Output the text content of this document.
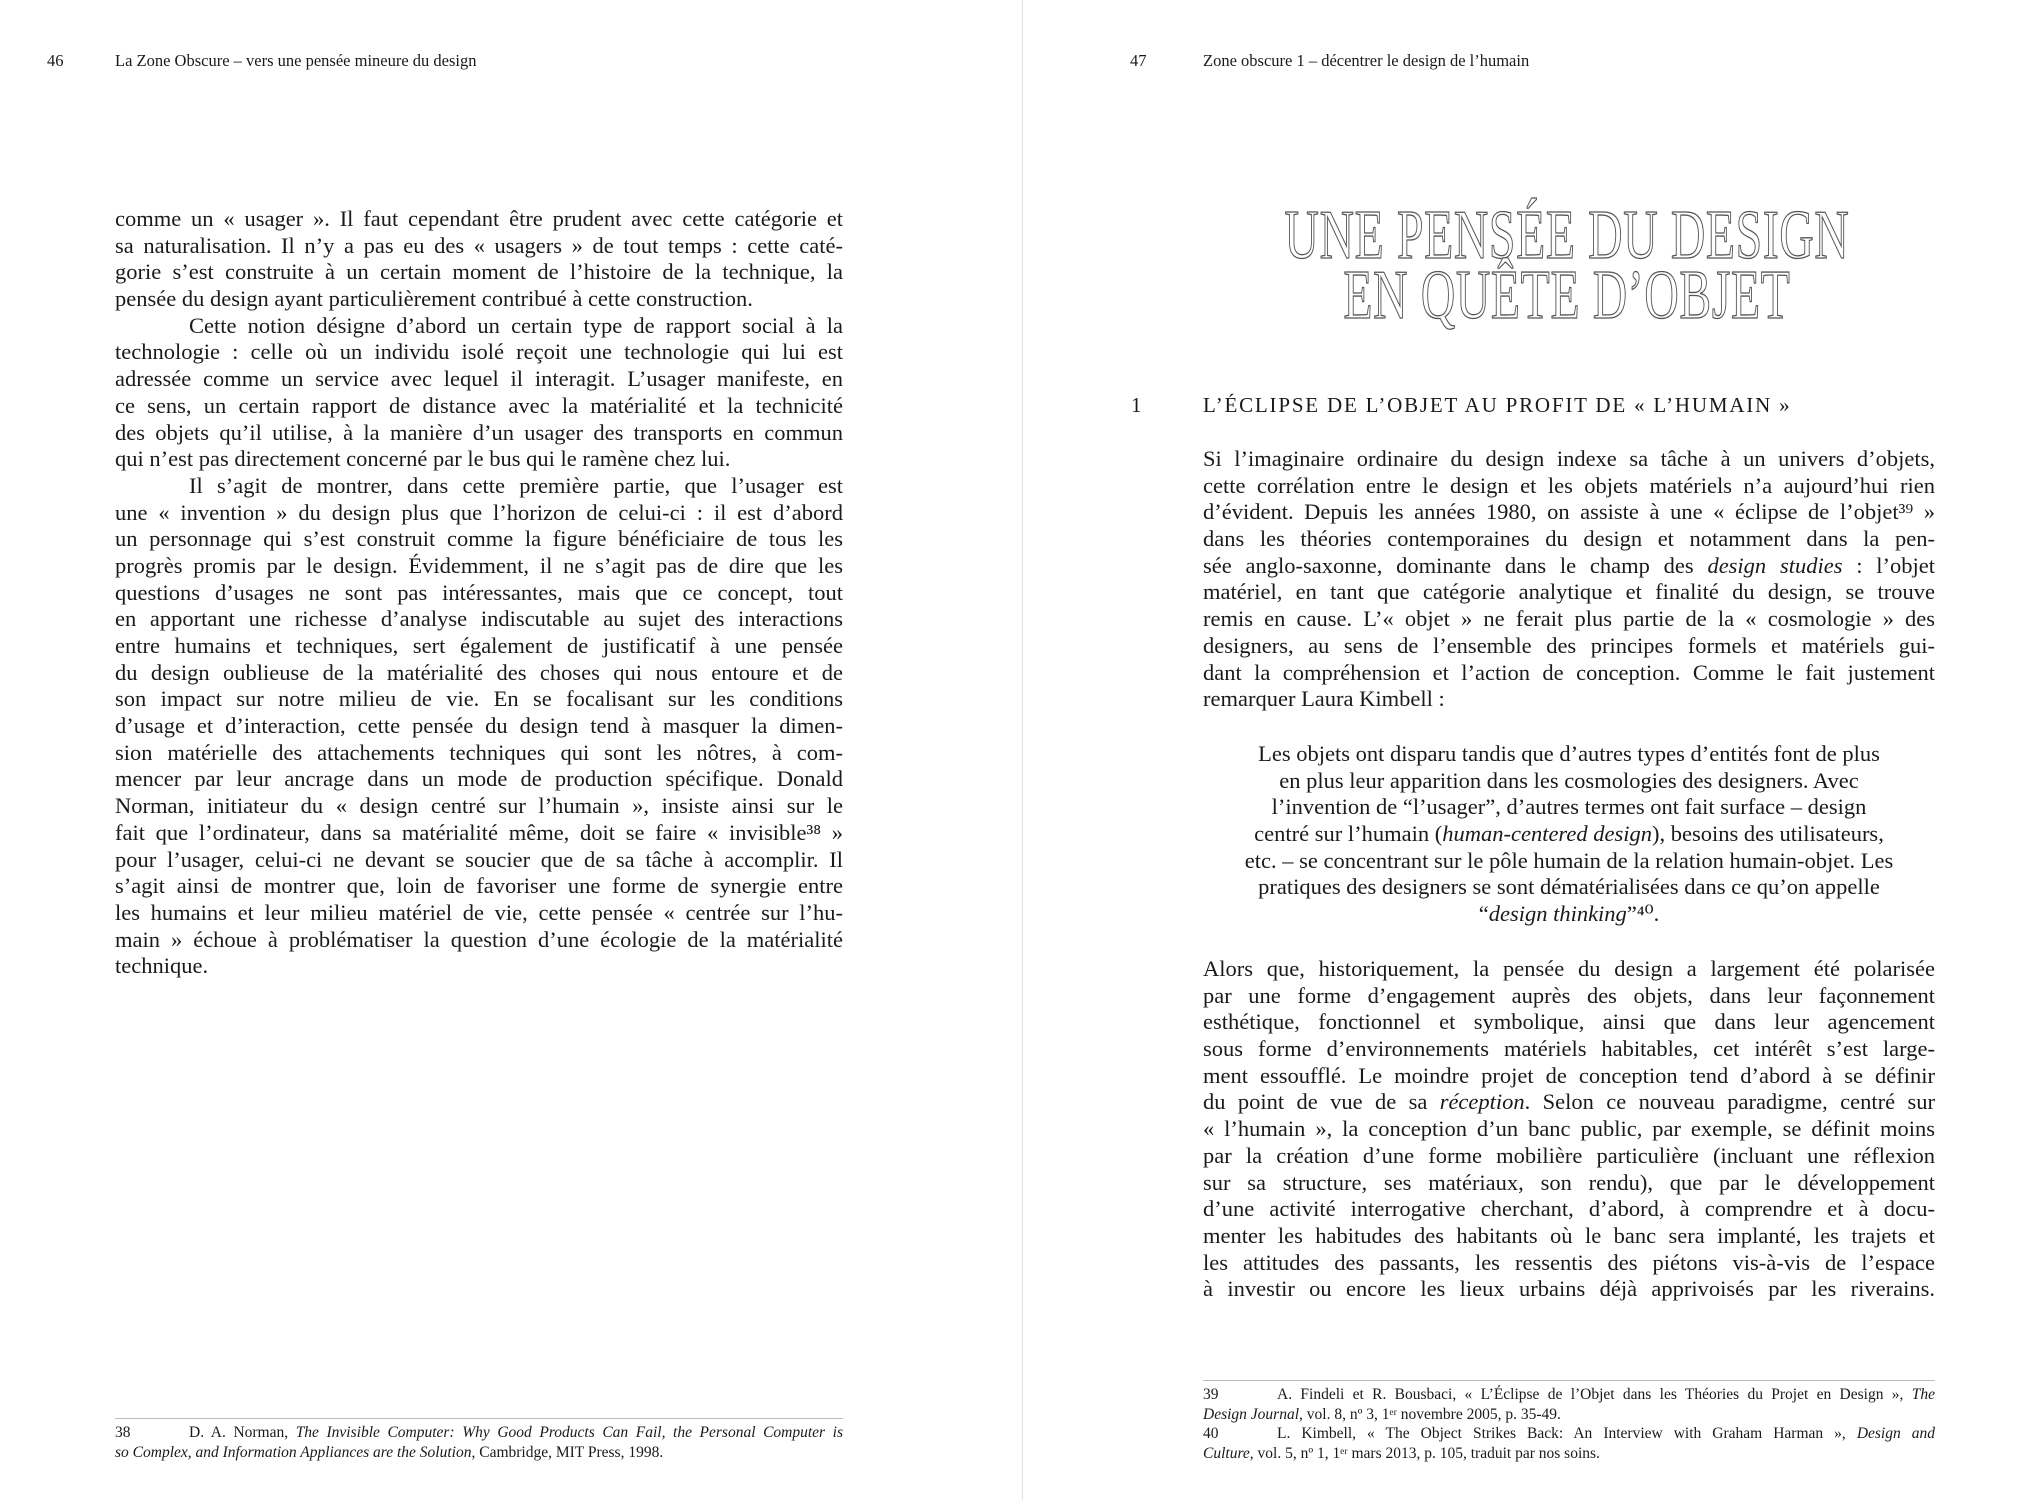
46	La Zone Obscure – vers une pensée mineure du design
comme un « usager ». Il faut cependant être prudent avec cette catégorie et
sa naturalisation. Il n’y a pas eu des « usagers » de tout temps : cette caté-
gorie s’est construite à un certain moment de l’histoire de la technique, la
pensée du design ayant particulièrement contribué à cette construction.
Cette notion désigne d’abord un certain type de rapport social à la
technologie : celle où un individu isolé reçoit une technologie qui lui est
adressée comme un service avec lequel il interagit. L’usager manifeste, en
ce sens, un certain rapport de distance avec la matérialité et la technicité
des objets qu’il utilise, à la manière d’un usager des transports en commun
qui n’est pas directement concerné par le bus qui le ramène chez lui.
Il s’agit de montrer, dans cette première partie, que l’usager est
une « invention » du design plus que l’horizon de celui-ci : il est d’abord
un personnage qui s’est construit comme la figure bénéficiaire de tous les
progrès promis par le design. Évidemment, il ne s’agit pas de dire que les
questions d’usages ne sont pas intéressantes, mais que ce concept, tout
en apportant une richesse d’analyse indiscutable au sujet des interactions
entre humains et techniques, sert également de justificatif à une pensée
du design oublieuse de la matérialité des choses qui nous entoure et de
son impact sur notre milieu de vie. En se focalisant sur les conditions
d’usage et d’interaction, cette pensée du design tend à masquer la dimen-
sion matérielle des attachements techniques qui sont les nôtres, à com-
mencer par leur ancrage dans un mode de production spécifique. Donald
Norman, initiateur du « design centré sur l’humain », insiste ainsi sur le
fait que l’ordinateur, dans sa matérialité même, doit se faire « invisible³⁸ »
pour l’usager, celui-ci ne devant se soucier que de sa tâche à accomplir. Il
s’agit ainsi de montrer que, loin de favoriser une forme de synergie entre
les humains et leur milieu matériel de vie, cette pensée « centrée sur l’hu-
main » échoue à problématiser la question d’une écologie de la matérialité
technique.
38	D. A. Norman, The Invisible Computer: Why Good Products Can Fail, the Personal Computer is
so Complex, and Information Appliances are the Solution, Cambridge, MIT Press, 1998.
47	Zone obscure 1 – décentrer le design de l’humain
UNE PENSÉE DU DESIGN
EN QUÊTE D’OBJET
1	L’ÉCLIPSE DE L’OBJET AU PROFIT DE « L’HUMAIN »
Si l’imaginaire ordinaire du design indexe sa tâche à un univers d’objets,
cette corrélation entre le design et les objets matériels n’a aujourd’hui rien
d’évident. Depuis les années 1980, on assiste à une « éclipse de l’objet³⁹ »
dans les théories contemporaines du design et notamment dans la pen-
sée anglo-saxonne, dominante dans le champ des design studies : l’objet
matériel, en tant que catégorie analytique et finalité du design, se trouve
remis en cause. L’« objet » ne ferait plus partie de la « cosmologie » des
designers, au sens de l’ensemble des principes formels et matériels gui-
dant la compréhension et l’action de conception. Comme le fait justement
remarquer Laura Kimbell :
Les objets ont disparu tandis que d’autres types d’entités font de plus
en plus leur apparition dans les cosmologies des designers. Avec
l’invention de “l’usager”, d’autres termes ont fait surface – design
centré sur l’humain (human-centered design), besoins des utilisateurs,
etc. – se concentrant sur le pôle humain de la relation humain-objet. Les
pratiques des designers se sont dématérialisées dans ce qu’on appelle
“design thinking”⁴⁰.
Alors que, historiquement, la pensée du design a largement été polarisée
par une forme d’engagement auprès des objets, dans leur façonnement
esthétique, fonctionnel et symbolique, ainsi que dans leur agencement
sous forme d’environnements matériels habitables, cet intérêt s’est large-
ment essoufflé. Le moindre projet de conception tend d’abord à se définir
du point de vue de sa réception. Selon ce nouveau paradigme, centré sur
« l’humain », la conception d’un banc public, par exemple, se définit moins
par la création d’une forme mobilière particulière (incluant une réflexion
sur sa structure, ses matériaux, son rendu), que par le développement
d’une activité interrogative cherchant, d’abord, à comprendre et à docu-
menter les habitudes des habitants où le banc sera implanté, les trajets et
les attitudes des passants, les ressentis des piétons vis-à-vis de l’espace
à investir ou encore les lieux urbains déjà apprivoisés par les riverains.
39	A. Findeli et R. Bousbaci, « L’Éclipse de l’Objet dans les Théories du Projet en Design », The
Design Journal, vol. 8, nº 3, 1ᵉʳ novembre 2005, p. 35-49.
40	L. Kimbell, « The Object Strikes Back: An Interview with Graham Harman », Design and
Culture, vol. 5, nº 1, 1ᵉʳ mars 2013, p. 105, traduit par nos soins.
